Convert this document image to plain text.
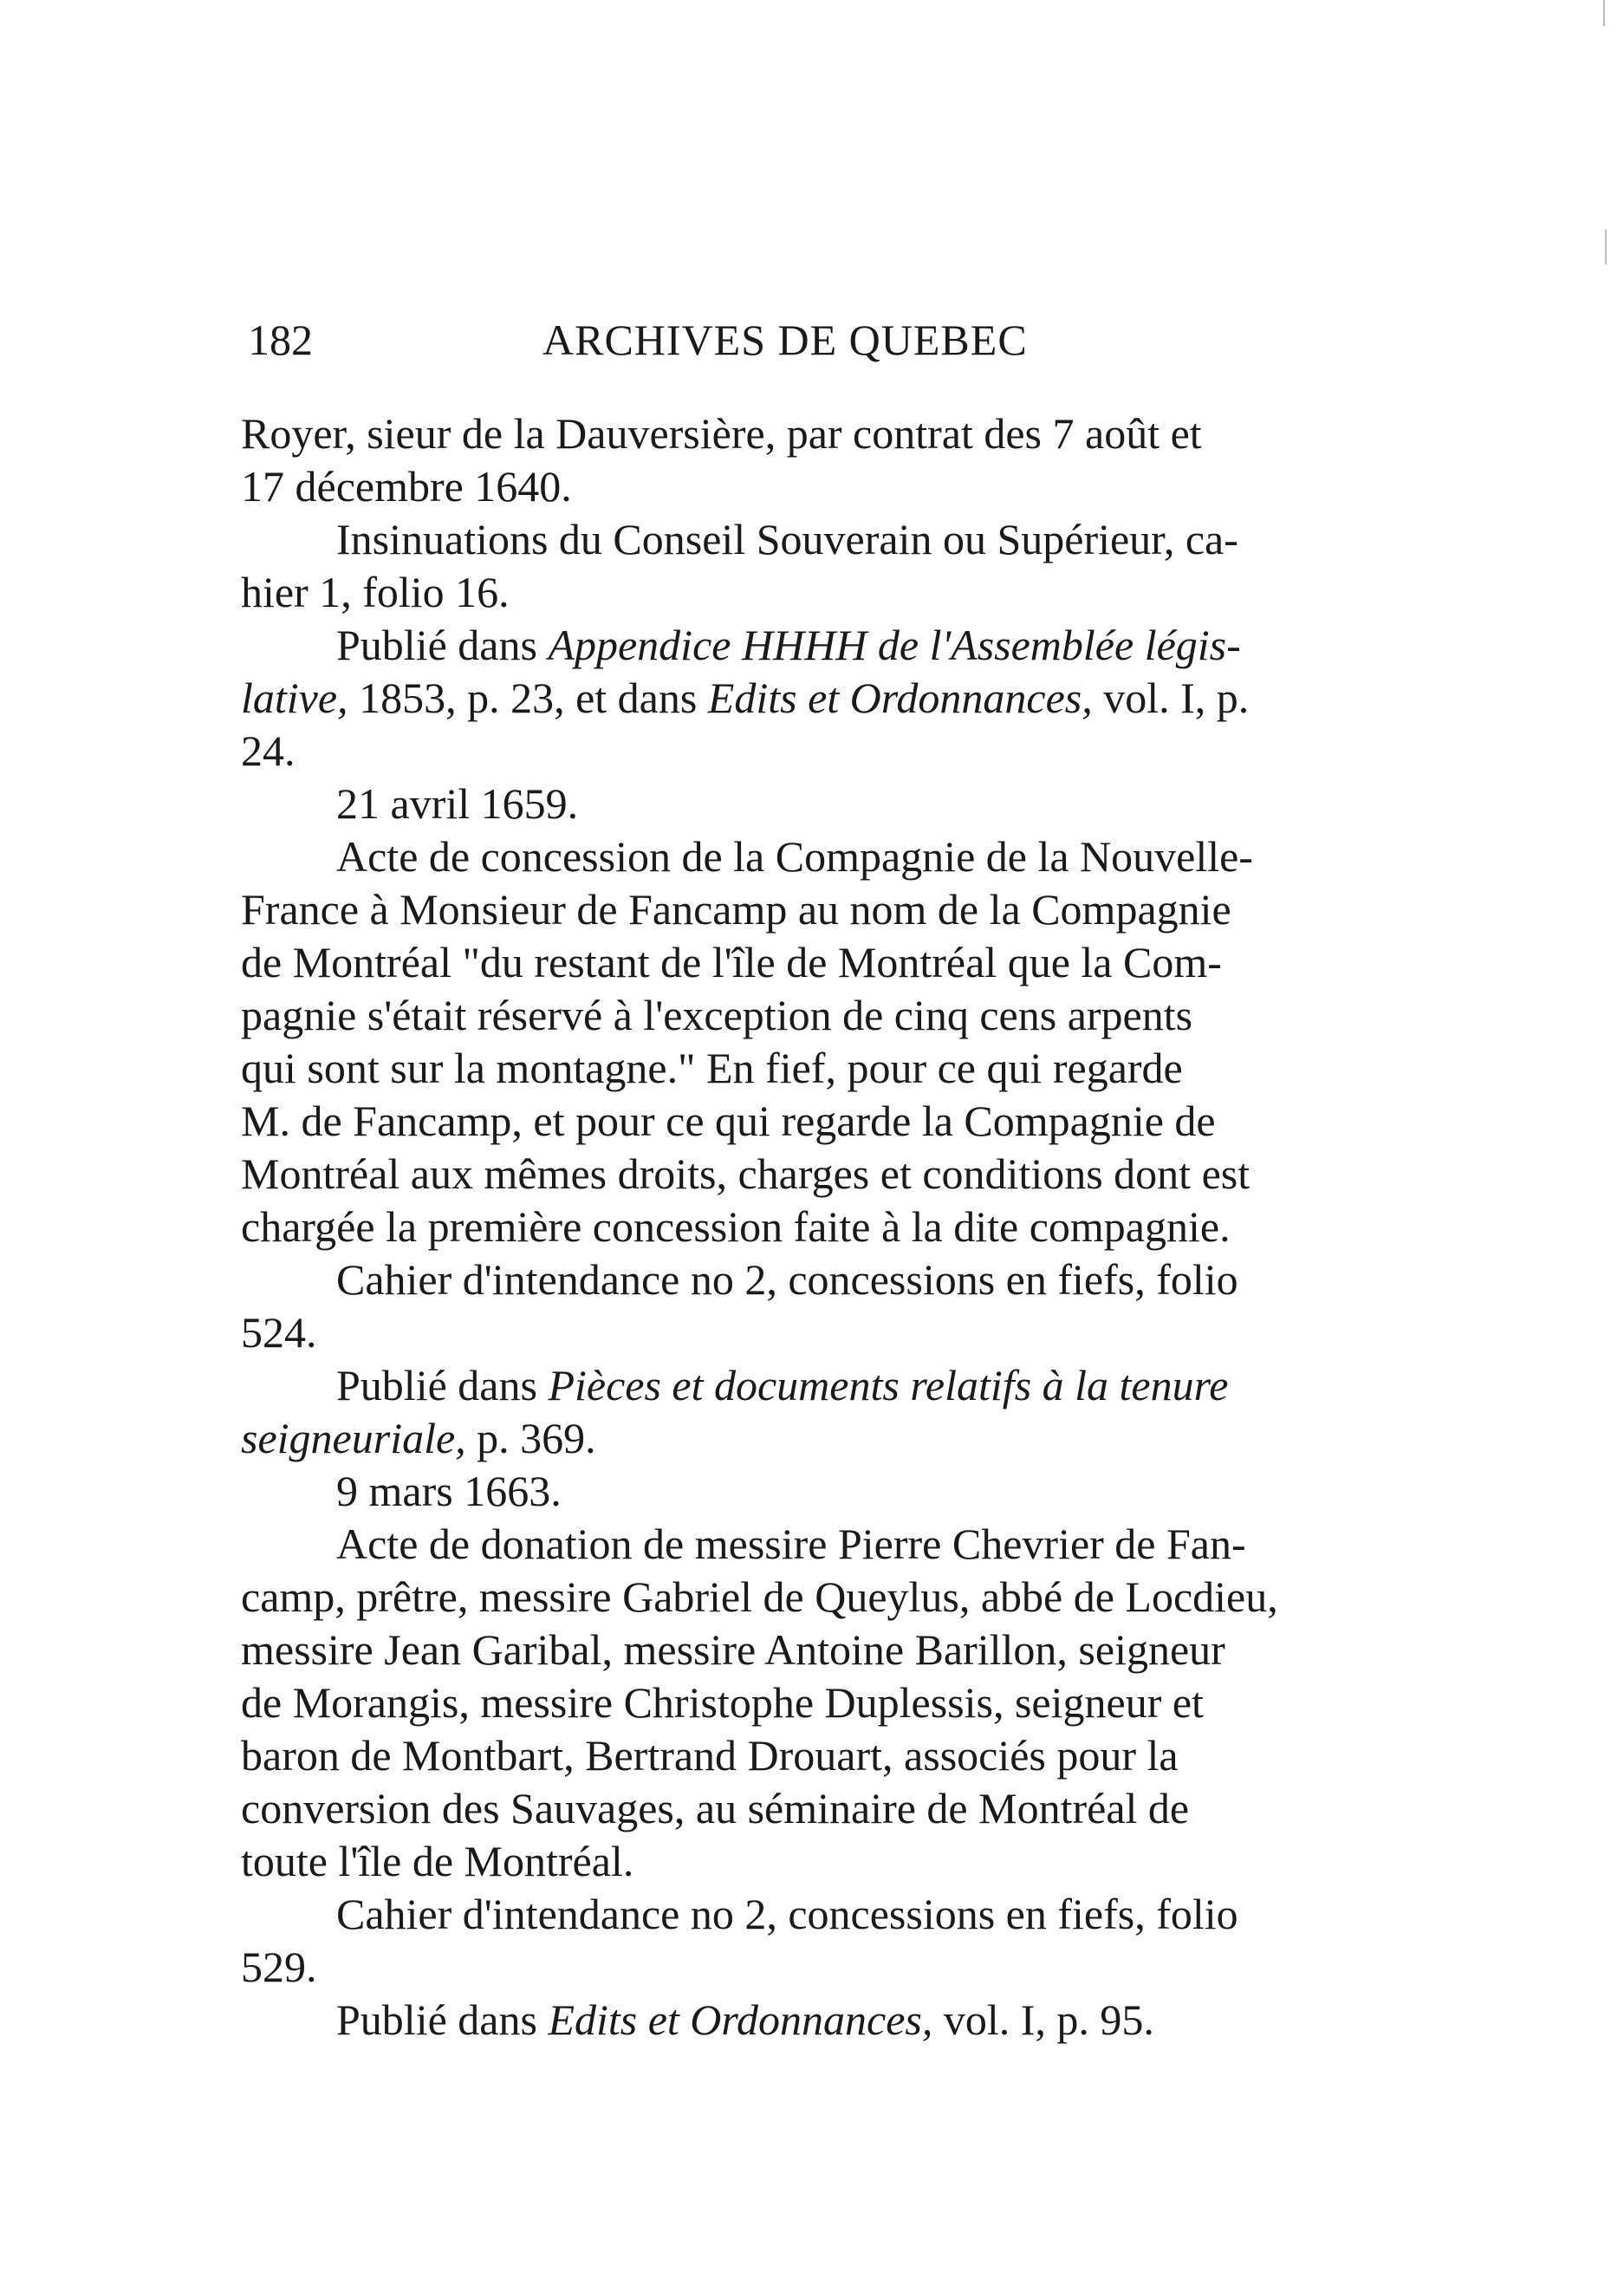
182	ARCHIVES DE QUEBEC
Royer, sieur de la Dauversière, par contrat des 7 août et
17 décembre 1640.
Insinuations du Conseil Souverain ou Supérieur, ca-
hier 1, folio 16.
Publié dans Appendice HHHH de l'Assemblée légis-
lative, 1853, p. 23, et dans Edits et Ordonnances, vol. I, p.
24.
21 avril 1659.
Acte de concession de la Compagnie de la Nouvelle-
France à Monsieur de Fancamp au nom de la Compagnie
de Montréal "du restant de l'île de Montréal que la Com-
pagnie s'était réservé à l'exception de cinq cens arpents
qui sont sur la montagne." En fief, pour ce qui regarde
M. de Fancamp, et pour ce qui regarde la Compagnie de
Montréal aux mêmes droits, charges et conditions dont est
chargée la première concession faite à la dite compagnie.
Cahier d'intendance no 2, concessions en fiefs, folio
524.
Publié dans Pièces et documents relatifs à la tenure
seigneuriale, p. 369.
9 mars 1663.
Acte de donation de messire Pierre Chevrier de Fan-
camp, prêtre, messire Gabriel de Queylus, abbé de Locdieu,
messire Jean Garibal, messire Antoine Barillon, seigneur
de Morangis, messire Christophe Duplessis, seigneur et
baron de Montbart, Bertrand Drouart, associés pour la
conversion des Sauvages, au séminaire de Montréal de
toute l'île de Montréal.
Cahier d'intendance no 2, concessions en fiefs, folio
529.
Publié dans Edits et Ordonnances, vol. I, p. 95.
